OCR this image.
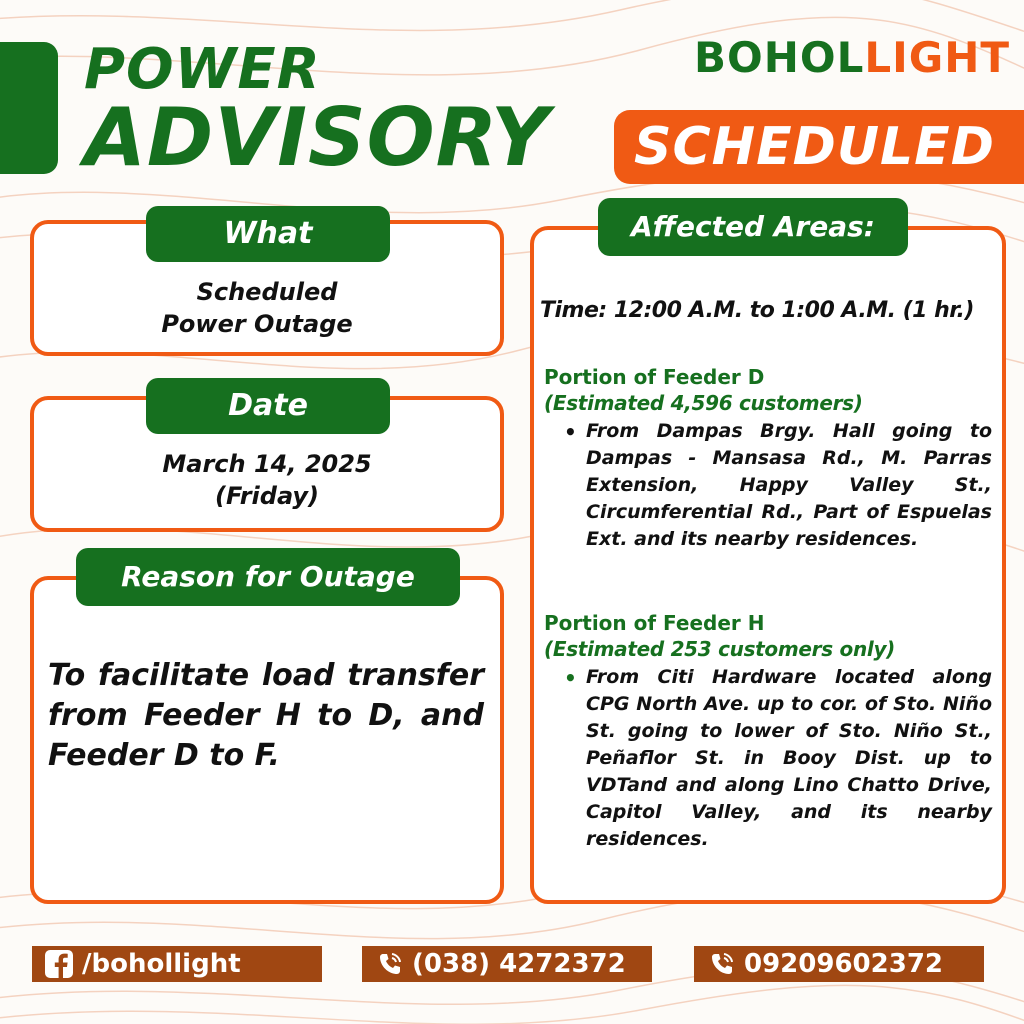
POWER
ADVISORY
BOHOLLIGHT
SCHEDULED
What
Scheduled
Power Outage
Date
March 14, 2025
(Friday)
Reason for Outage
To facilitate load transfer from Feeder H to D, and Feeder D to F.
Affected Areas:
Time: 12:00 A.M. to 1:00 A.M. (1 hr.)
Portion of Feeder D
(Estimated 4,596 customers)
• From Dampas Brgy. Hall going to Dampas - Mansasa Rd., M. Parras Extension, Happy Valley St., Circumferential Rd., Part of Espuelas Ext. and its nearby residences.
Portion of Feeder H
(Estimated 253 customers only)
• From Citi Hardware located along CPG North Ave. up to cor. of Sto. Niño St. going to lower of Sto. Niño St., Peñaflor St. in Booy Dist. up to VDTand and along Lino Chatto Drive, Capitol Valley, and its nearby residences.
/bohollight	(038) 4272372	09209602372
